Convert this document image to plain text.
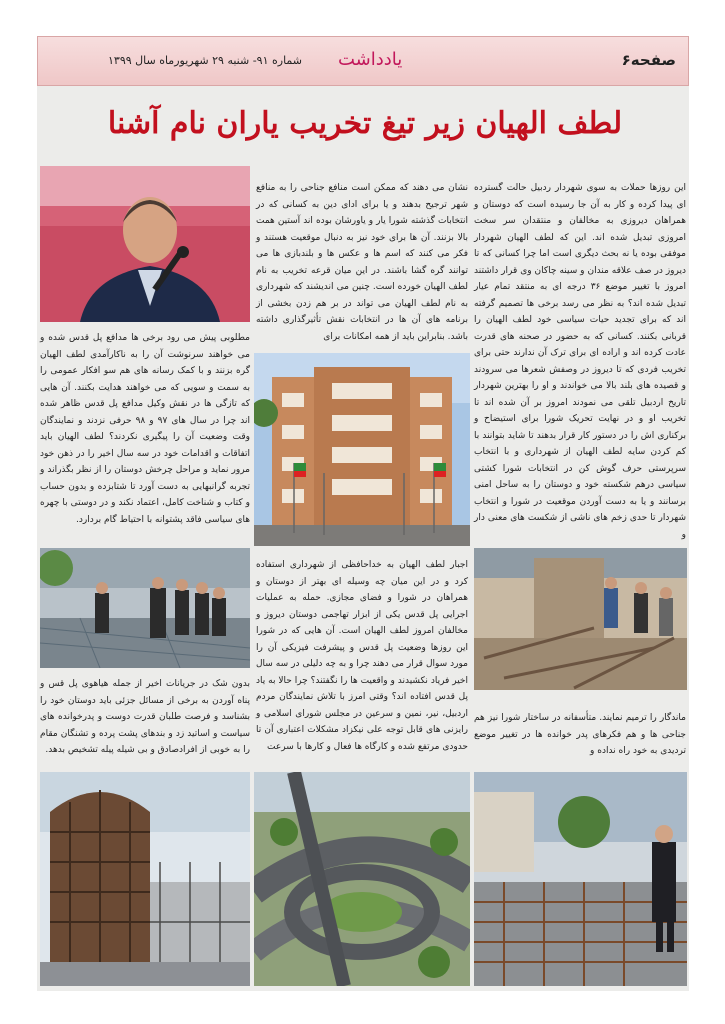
صفحه۶
یادداشت
شماره ۹۱- شنبه ۲۹ شهریورماه سال ۱۳۹۹
لطف الهیان زیر تیغ تخریب یاران نام آشنا

این روزها حملات به سوی شهردار ردبیل حالت گسترده ای پیدا کرده و کار به آن جا رسیده است که دوستان و همراهان دیروزی به مخالفان و منتقدان سر سخت امروزی تبدیل شده اند. این که لطف الهیان شهردار موفقی بوده یا نه بحث دیگری است اما چرا کسانی که تا دیروز در صف علاقه مندان و سینه چاکان وی قرار داشتند امروز با تغییر موضع ۳۶ درجه ای به منتقد تمام عیار تبدیل شده اند؟ به نظر می رسد برخی ها تصمیم گرفته اند که برای تجدید حیات سیاسی خود لطف الهیان را قربانی بکنند. کسانی که به حضور در صحنه های قدرت عادت کرده اند و اراده ای برای ترک آن ندارند حتی برای تخریب فردی که تا دیروز در وصفش شعرها می سرودند و قصیده های بلند بالا می خواندند و او را بهترین شهردار تاریخ اردبیل تلقی می نمودند امروز بر آن شده اند تا تخریب او و در نهایت تحریک شورا برای استیضاح و برکناری اش را در دستور کار قرار بدهند تا شاید بتوانند با کم کردن سایه لطف الهیان از شهرداری و با انتخاب سرپرستی حرف گوش کن در انتخابات شورا کشتی سیاسی درهم شکسته خود و دوستان را به ساحل امنی برسانند و یا به دست آوردن موقعیت در شورا و انتخاب شهردار تا حدی زخم های ناشی از شکست های معنی دار و

نشان می دهند که ممکن است منافع جناحی را به منافع شهر ترجیح بدهند و یا برای ادای دین به کسانی که در انتخابات گذشته شورا یار و یاورشان بوده اند آستین همت بالا بزنند. آن ها برای خود نیز به دنبال موقعیت هستند و فکر می کنند که اسم ها و عکس ها و بلندبازی ها می توانند گره گشا باشند. در این میان قرعه تخریب به نام لطف الهیان خورده است. چنین می اندیشند که شهرداری به نام لطف الهیان می تواند در بر هم زدن بخشی از برنامه های آن ها در انتخابات نقش تأثیرگذاری داشته باشد. بنابراین باید از همه امکانات برای

مطلوبی پیش می رود برخی ها مدافع پل قدس شده و می خواهند سرنوشت آن را به ناکارآمدی لطف الهیان گره بزنند و با کمک رسانه های هم سو افکار عمومی را به سمت و سویی که می خواهند هدایت بکنند. آن هایی که تازگی ها در نقش وکیل مدافع پل قدس ظاهر شده اند چرا در سال های ۹۷ و ۹۸ حرفی نزدند و نمایندگان وقت وضعیت آن را پیگیری نکردند؟ لطف الهیان باید اتفاقات و اقدامات خود در سه سال اخیر را در ذهن خود مرور نماید و مراحل چرخش دوستان را از نظر بگذراند و تجربه گرانبهایی به دست آورد تا شتابزده و بدون حساب و کتاب و شناخت کامل، اعتماد نکند و در دوستی با چهره های سیاسی فاقد پشتوانه با احتیاط گام بردارد.

اجبار لطف الهیان به خداحافظی از شهرداری استفاده کرد و در این میان چه وسیله ای بهتر از دوستان و همراهان در شورا و فضای مجازی. حمله به عملیات اجرایی پل قدس یکی از ابزار تهاجمی دوستان دیروز و مخالفان امروز لطف الهیان است. آن هایی که در شورا این روزها وضعیت پل قدس و پیشرفت فیزیکی آن را مورد سوال قرار می دهند چرا و به چه دلیلی در سه سال اخیر فریاد نکشیدند و واقعیت ها را نگفتند؟ چرا حالا به یاد پل قدس افتاده اند؟ وقتی امرز با تلاش نمایندگان مردم اردبیل، نیر، نمین و سرعین در مجلس شورای اسلامی و رایزنی های قابل توجه علی نیکزاد مشکلات اعتباری آن تا حدودی مرتفع شده و کارگاه ها فعال و کارها با سرعت

بدون شک در جریانات اخیر از جمله هیاهوی پل قس و پناه آوردن به برخی از مسائل جزئی باید دوستان خود را بشناسد و فرصت طلبان قدرت دوست و پدرخوانده های سیاست و اساتید زد و بندهای پشت پرده و تشنگان مقام را به خوبی از افرادصادق و بی شیله پیله تشخیص بدهد.

ماندگار را ترمیم نمایند. متأسفانه در ساختار شورا نیز هم جناحی ها و هم فکرهای پدر خوانده ها در تغییر موضع تردیدی به خود راه نداده و
